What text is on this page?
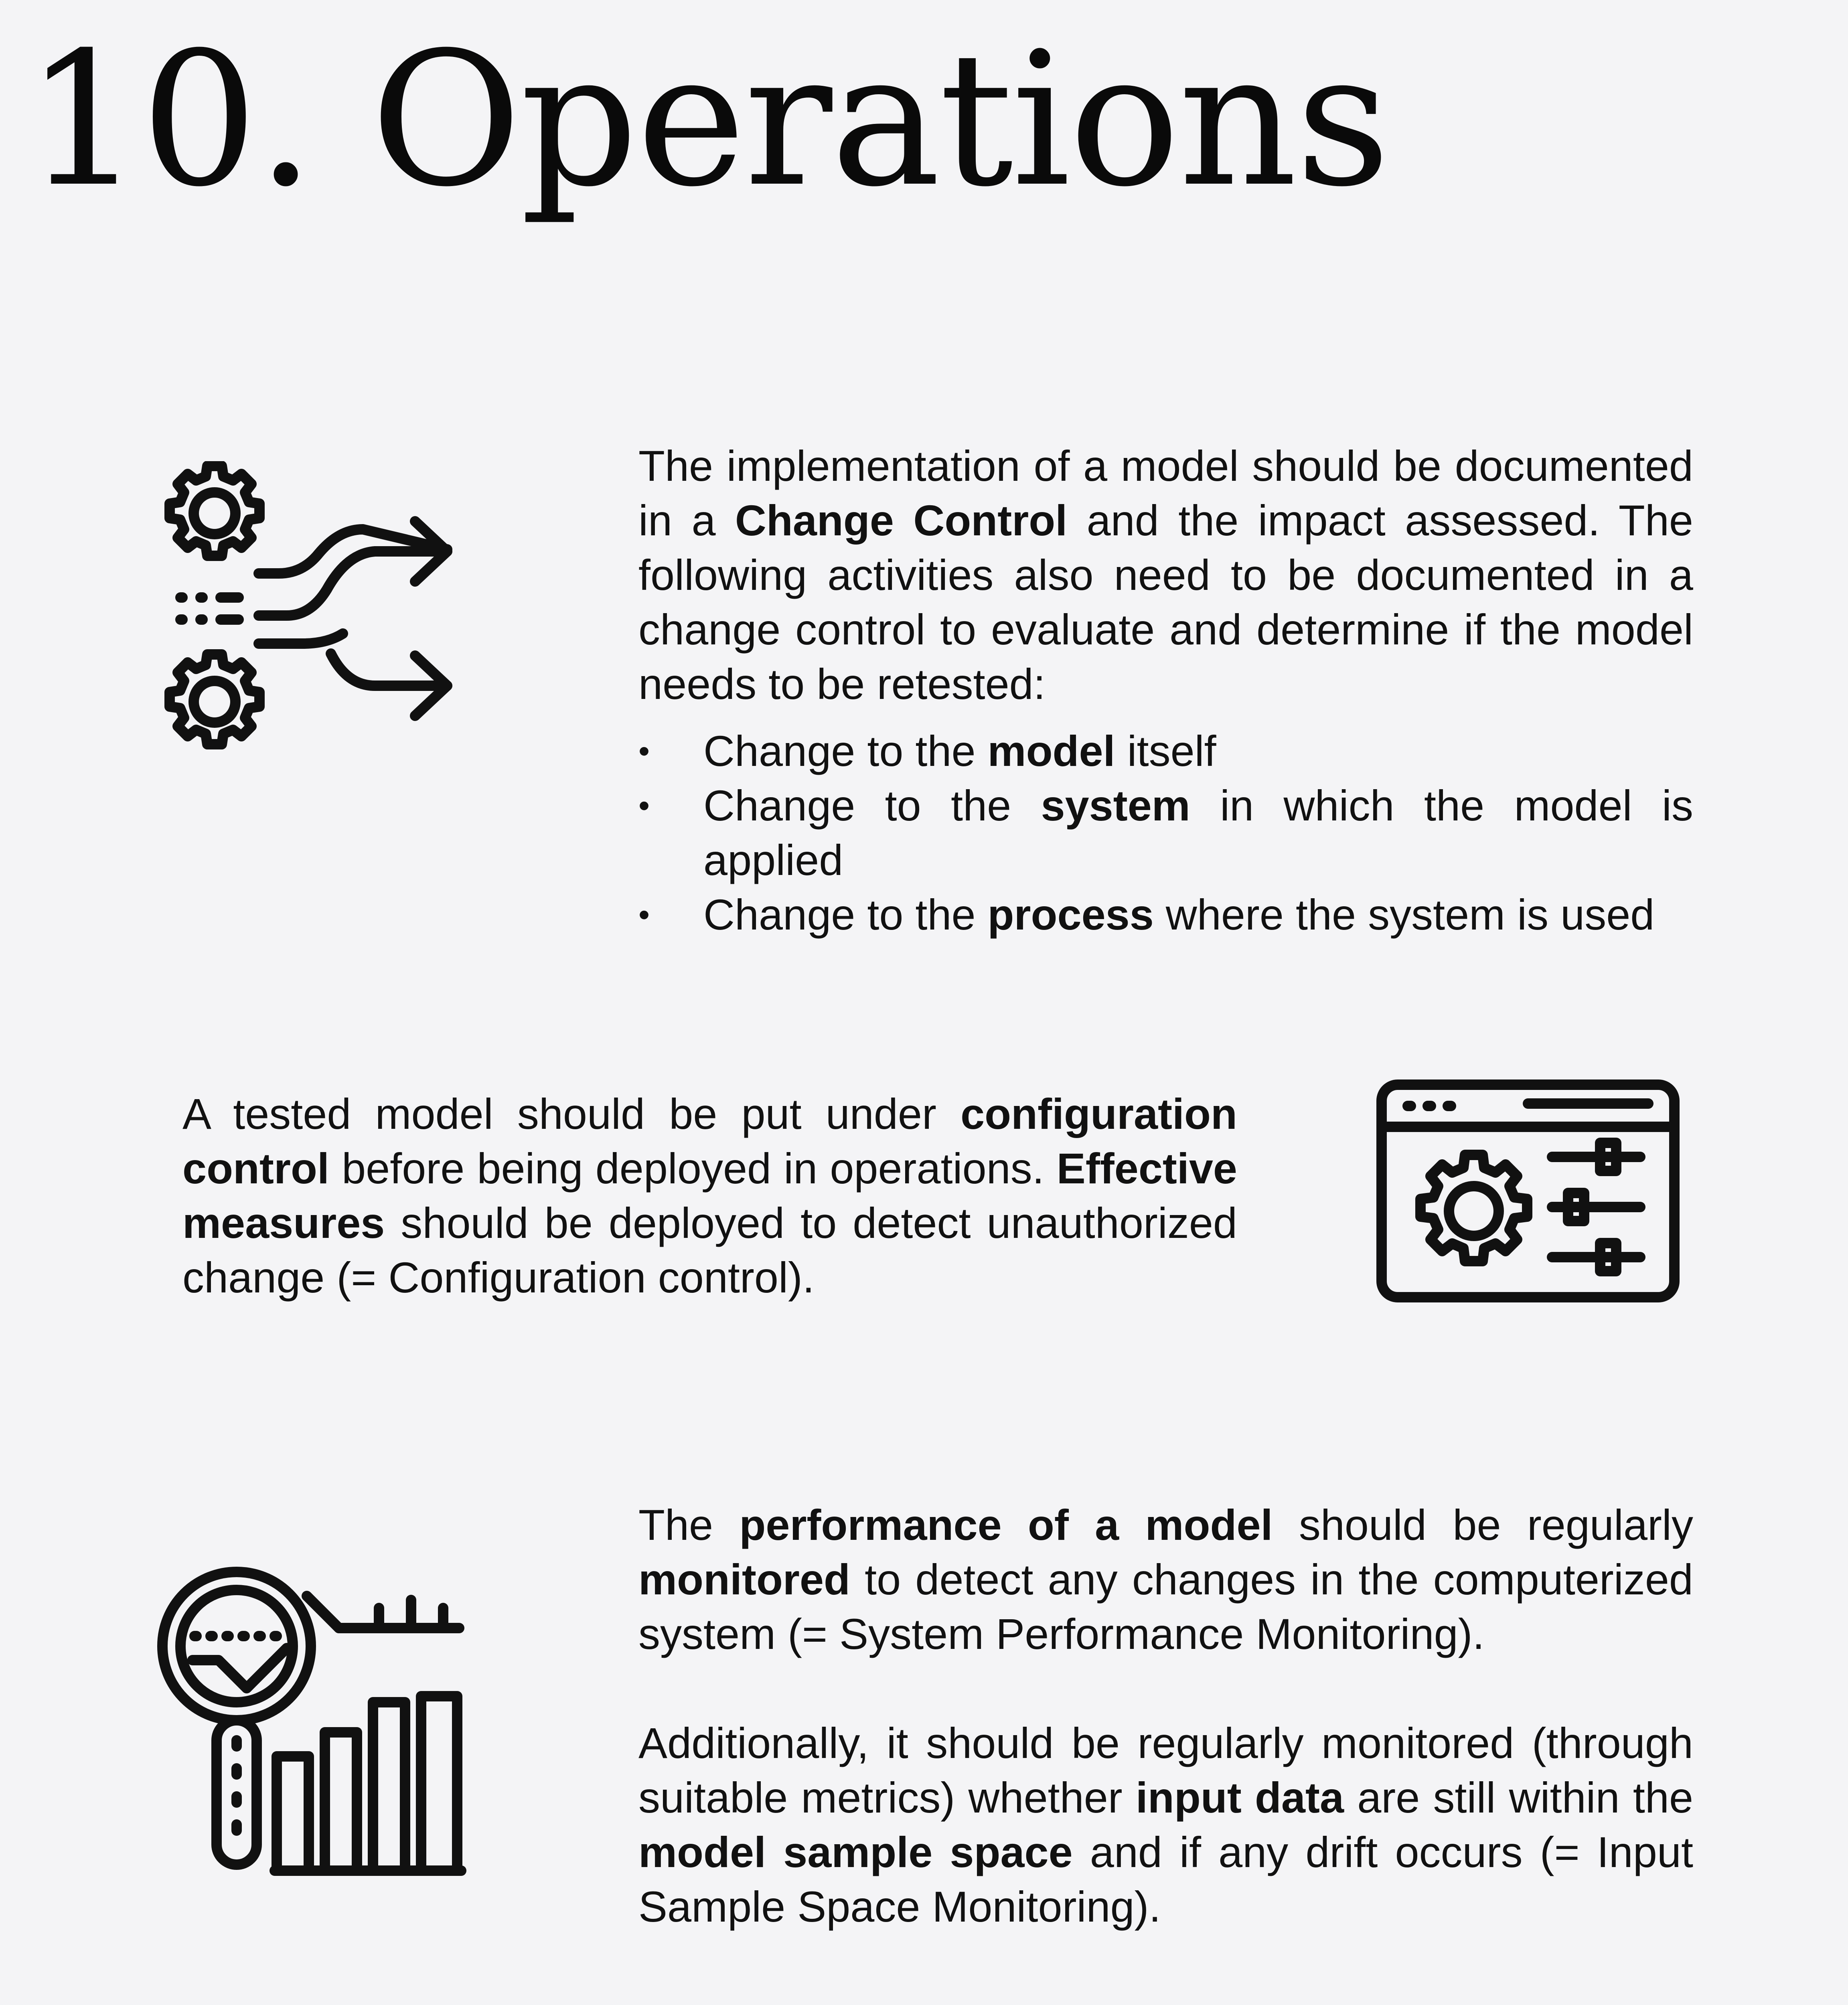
10. Operations

The implementation of a model should be documented in a Change Control and the impact assessed. The following activities also need to be documented in a change control to evaluate and determine if the model needs to be retested:

• Change to the model itself
• Change to the system in which the model is applied
• Change to the process where the system is used

A tested model should be put under configuration control before being deployed in operations. Effective measures should be deployed to detect unauthorized change (= Configuration control).

The performance of a model should be regularly monitored to detect any changes in the computerized system (= System Performance Monitoring).

Additionally, it should be regularly monitored (through suitable metrics) whether input data are still within the model sample space and if any drift occurs (= Input Sample Space Monitoring).
